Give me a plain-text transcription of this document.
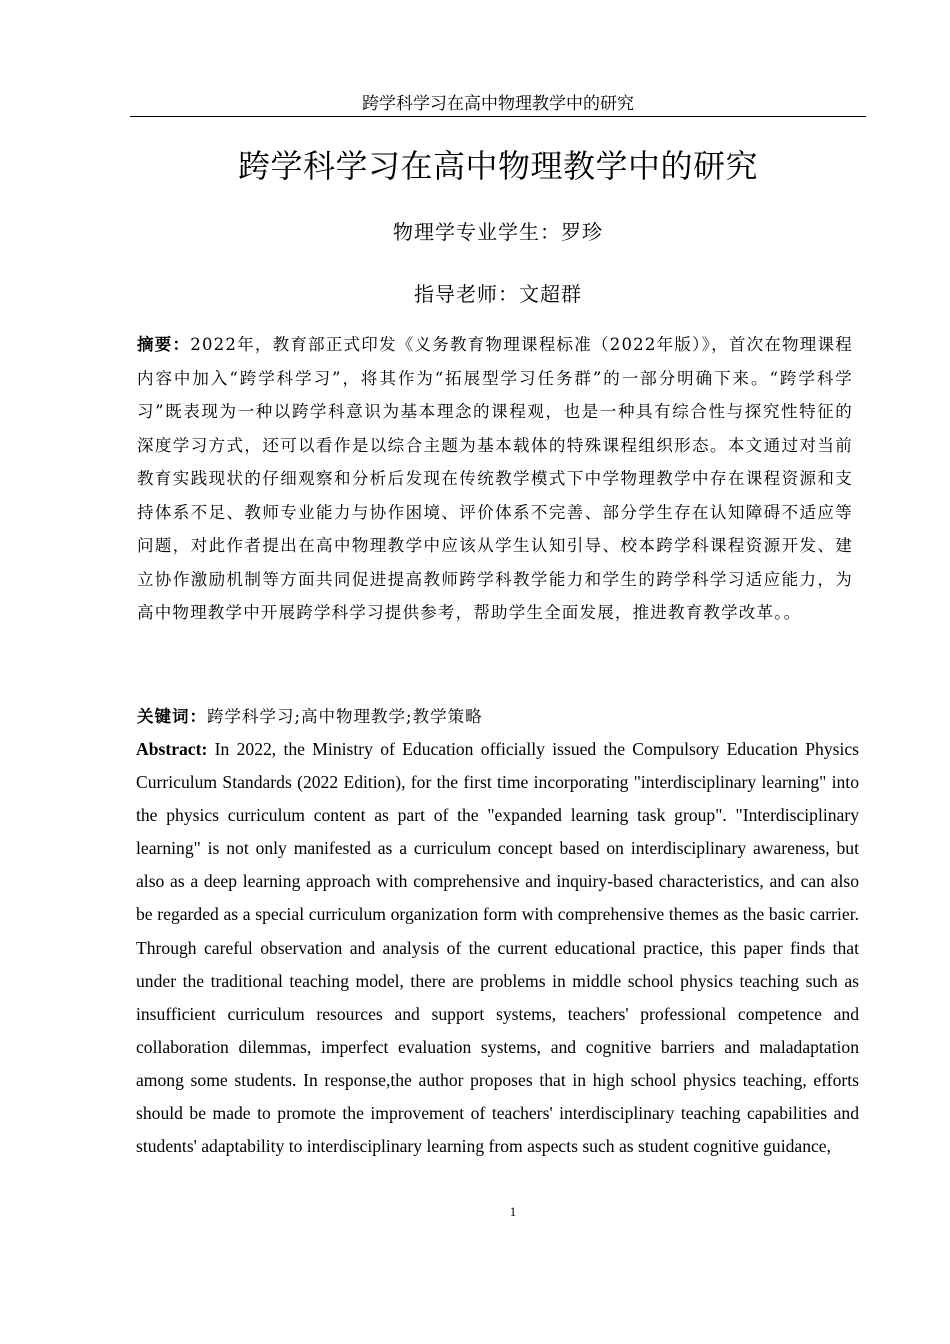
跨学科学习在高中物理教学中的研究
跨学科学习在高中物理教学中的研究
物理学专业学生：罗珍
指导老师：文超群

摘要：2022年，教育部正式印发《义务教育物理课程标准（2022年版）》，首次在物理课程内容中加入“跨学科学习”，将其作为“拓展型学习任务群”的一部分明确下来。“跨学科学习”既表现为一种以跨学科意识为基本理念的课程观，也是一种具有综合性与探究性特征的深度学习方式，还可以看作是以综合主题为基本载体的特殊课程组织形态。本文通过对当前教育实践现状的仔细观察和分析后发现在传统教学模式下中学物理教学中存在课程资源和支持体系不足、教师专业能力与协作困境、评价体系不完善、部分学生存在认知障碍不适应等问题，对此作者提出在高中物理教学中应该从学生认知引导、校本跨学科课程资源开发、建立协作激励机制等方面共同促进提高教师跨学科教学能力和学生的跨学科学习适应能力，为高中物理教学中开展跨学科学习提供参考，帮助学生全面发展，推进教育教学改革。。

关键词：跨学科学习;高中物理教学;教学策略

Abstract: In 2022, the Ministry of Education officially issued the Compulsory Education Physics Curriculum Standards (2022 Edition), for the first time incorporating "interdisciplinary learning" into the physics curriculum content as part of the "expanded learning task group". "Interdisciplinary learning" is not only manifested as a curriculum concept based on interdisciplinary awareness, but also as a deep learning approach with comprehensive and inquiry-based characteristics, and can also be regarded as a special curriculum organization form with comprehensive themes as the basic carrier. Through careful observation and analysis of the current educational practice, this paper finds that under the traditional teaching model, there are problems in middle school physics teaching such as insufficient curriculum resources and support systems, teachers' professional competence and collaboration dilemmas, imperfect evaluation systems, and cognitive barriers and maladaptation among some students. In response,the author proposes that in high school physics teaching, efforts should be made to promote the improvement of teachers' interdisciplinary teaching capabilities and students' adaptability to interdisciplinary learning from aspects such as student cognitive guidance,

1
